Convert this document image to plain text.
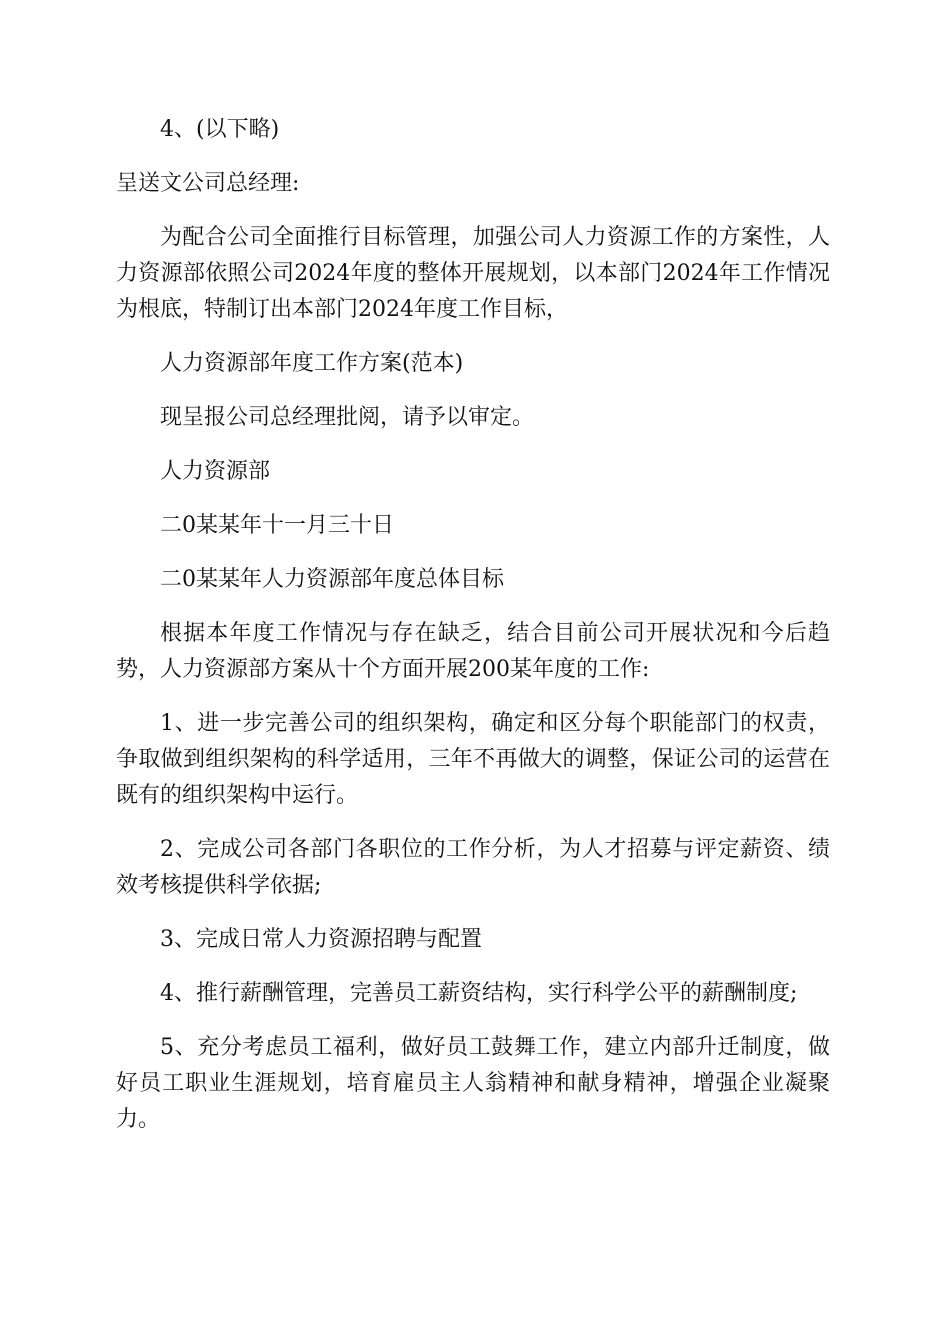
4、(以下略)

呈送文公司总经理:

为配合公司全面推行目标管理，加强公司人力资源工作的方案性，人力资源部依照公司2024年度的整体开展规划，以本部门2024年工作情况为根底，特制订出本部门2024年度工作目标，

人力资源部年度工作方案(范本)

现呈报公司总经理批阅，请予以审定。

人力资源部

二0某某年十一月三十日

二0某某年人力资源部年度总体目标

根据本年度工作情况与存在缺乏，结合目前公司开展状况和今后趋势，人力资源部方案从十个方面开展200某年度的工作:

1、进一步完善公司的组织架构，确定和区分每个职能部门的权责，争取做到组织架构的科学适用，三年不再做大的调整，保证公司的运营在既有的组织架构中运行。

2、完成公司各部门各职位的工作分析，为人才招募与评定薪资、绩效考核提供科学依据;

3、完成日常人力资源招聘与配置

4、推行薪酬管理，完善员工薪资结构，实行科学公平的薪酬制度;

5、充分考虑员工福利，做好员工鼓舞工作，建立内部升迁制度，做好员工职业生涯规划，培育雇员主人翁精神和献身精神，增强企业凝聚力。
